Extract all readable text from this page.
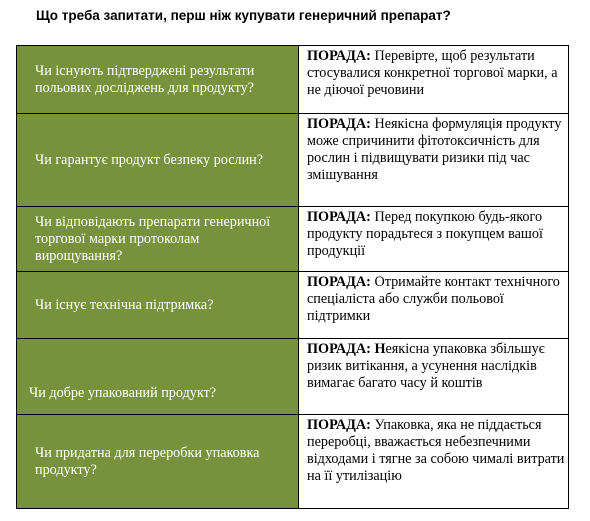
Що треба запитати, перш ніж купувати генеричний препарат?
Чи існують підтверджені результати польових досліджень для продукту?	ПОРАДА: Перевірте, щоб результати стосувалися конкретної торгової марки, а не діючої речовини

Чи гарантує продукт безпеку рослин?	ПОРАДА: Неякісна формуляція продукту може спричинити фітотоксичність для рослин і підвищувати ризики під час змішування

Чи відповідають препарати генеричної торгової марки протоколам вирощування?	ПОРАДА: Перед покупкою будь-якого продукту порадьтеся з покупцем вашої продукції

Чи існує технічна підтримка?	ПОРАДА: Отримайте контакт технічного спеціаліста або служби польової підтримки

Чи добре упакований продукт?	ПОРАДА: Неякісна упаковка збільшує ризик витікання, а усунення наслідків вимагає багато часу й коштів

Чи придатна для переробки упаковка продукту?	ПОРАДА: Упаковка, яка не піддається переробці, вважається небезпечними відходами і тягне за собою чималі витрати на її утилізацію
